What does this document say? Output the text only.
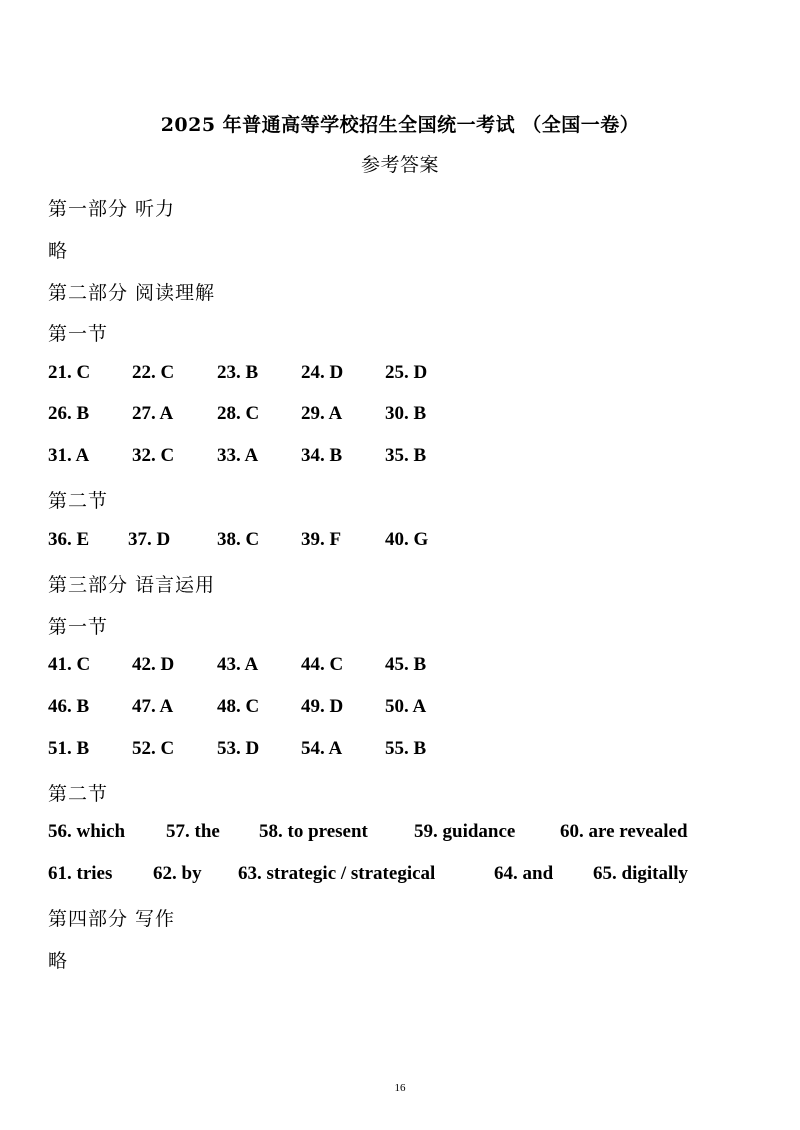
2025 年普通高等学校招生全国统一考试 （全国一卷）
参考答案
第一部分 听力
略
第二部分 阅读理解
第一节
21. C 22. C 23. B 24. D 25. D
26. B 27. A 28. C 29. A 30. B
31. A 32. C 33. A 34. B 35. B
第二节
36. E 37. D 38. C 39. F 40. G
第三部分 语言运用
第一节
41. C 42. D 43. A 44. C 45. B
46. B 47. A 48. C 49. D 50. A
51. B 52. C 53. D 54. A 55. B
第二节
56. which 57. the 58. to present 59. guidance 60. are revealed
61. tries 62. by 63. strategic / strategical	64. and 65. digitally
第四部分 写作
略
16
